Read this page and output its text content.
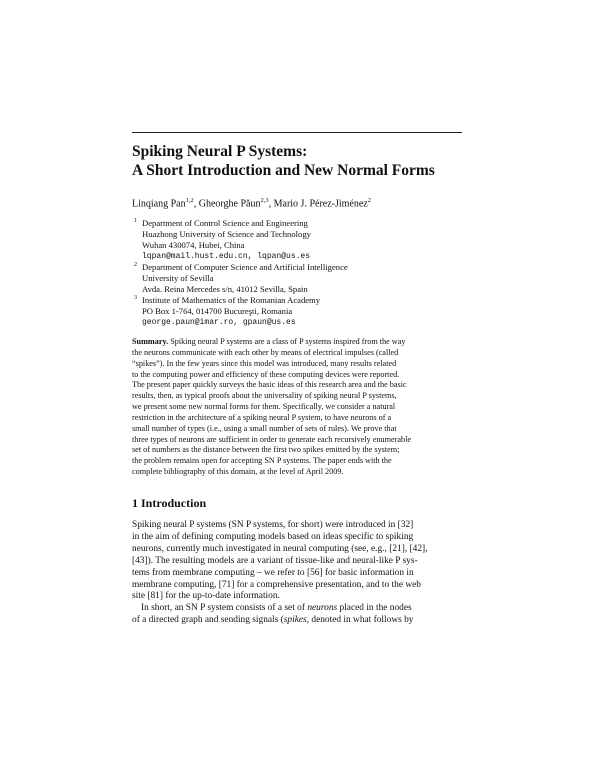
Spiking Neural P Systems:
A Short Introduction and New Normal Forms
Linqiang Pan$^{1,2}$, Gheorghe Păun$^{2,3}$, Mario J. Pérez-Jiménez$^2$
1 Department of Control Science and Engineering
Huazhong University of Science and Technology
Wuhan 430074, Hubei, China
lqpan@mail.hust.edu.cn, lqpan@us.es
2 Department of Computer Science and Artificial Intelligence
University of Sevilla
Avda. Reina Mercedes s/n, 41012 Sevilla, Spain
3 Institute of Mathematics of the Romanian Academy
PO Box 1-764, 014700 Bucureşti, Romania
george.paun@imar.ro, gpaun@us.es
Summary. Spiking neural P systems are a class of P systems inspired from the way
the neurons communicate with each other by means of electrical impulses (called
“spikes”). In the few years since this model was introduced, many results related
to the computing power and efficiency of these computing devices were reported.
The present paper quickly surveys the basic ideas of this research area and the basic
results, then, as typical proofs about the universality of spiking neural P systems,
we present some new normal forms for them. Specifically, we consider a natural
restriction in the architecture of a spiking neural P system, to have neurons of a
small number of types (i.e., using a small number of sets of rules). We prove that
three types of neurons are sufficient in order to generate each recursively enumerable
set of numbers as the distance between the first two spikes emitted by the system;
the problem remains open for accepting SN P systems. The paper ends with the
complete bibliography of this domain, at the level of April 2009.
1 Introduction
Spiking neural P systems (SN P systems, for short) were introduced in [32]
in the aim of defining computing models based on ideas specific to spiking
neurons, currently much investigated in neural computing (see, e.g., [21], [42],
[43]). The resulting models are a variant of tissue-like and neural-like P sys-
tems from membrane computing – we refer to [56] for basic information in
membrane computing, [71] for a comprehensive presentation, and to the web
site [81] for the up-to-date information.
In short, an SN P system consists of a set of neurons placed in the nodes
of a directed graph and sending signals (spikes, denoted in what follows by
